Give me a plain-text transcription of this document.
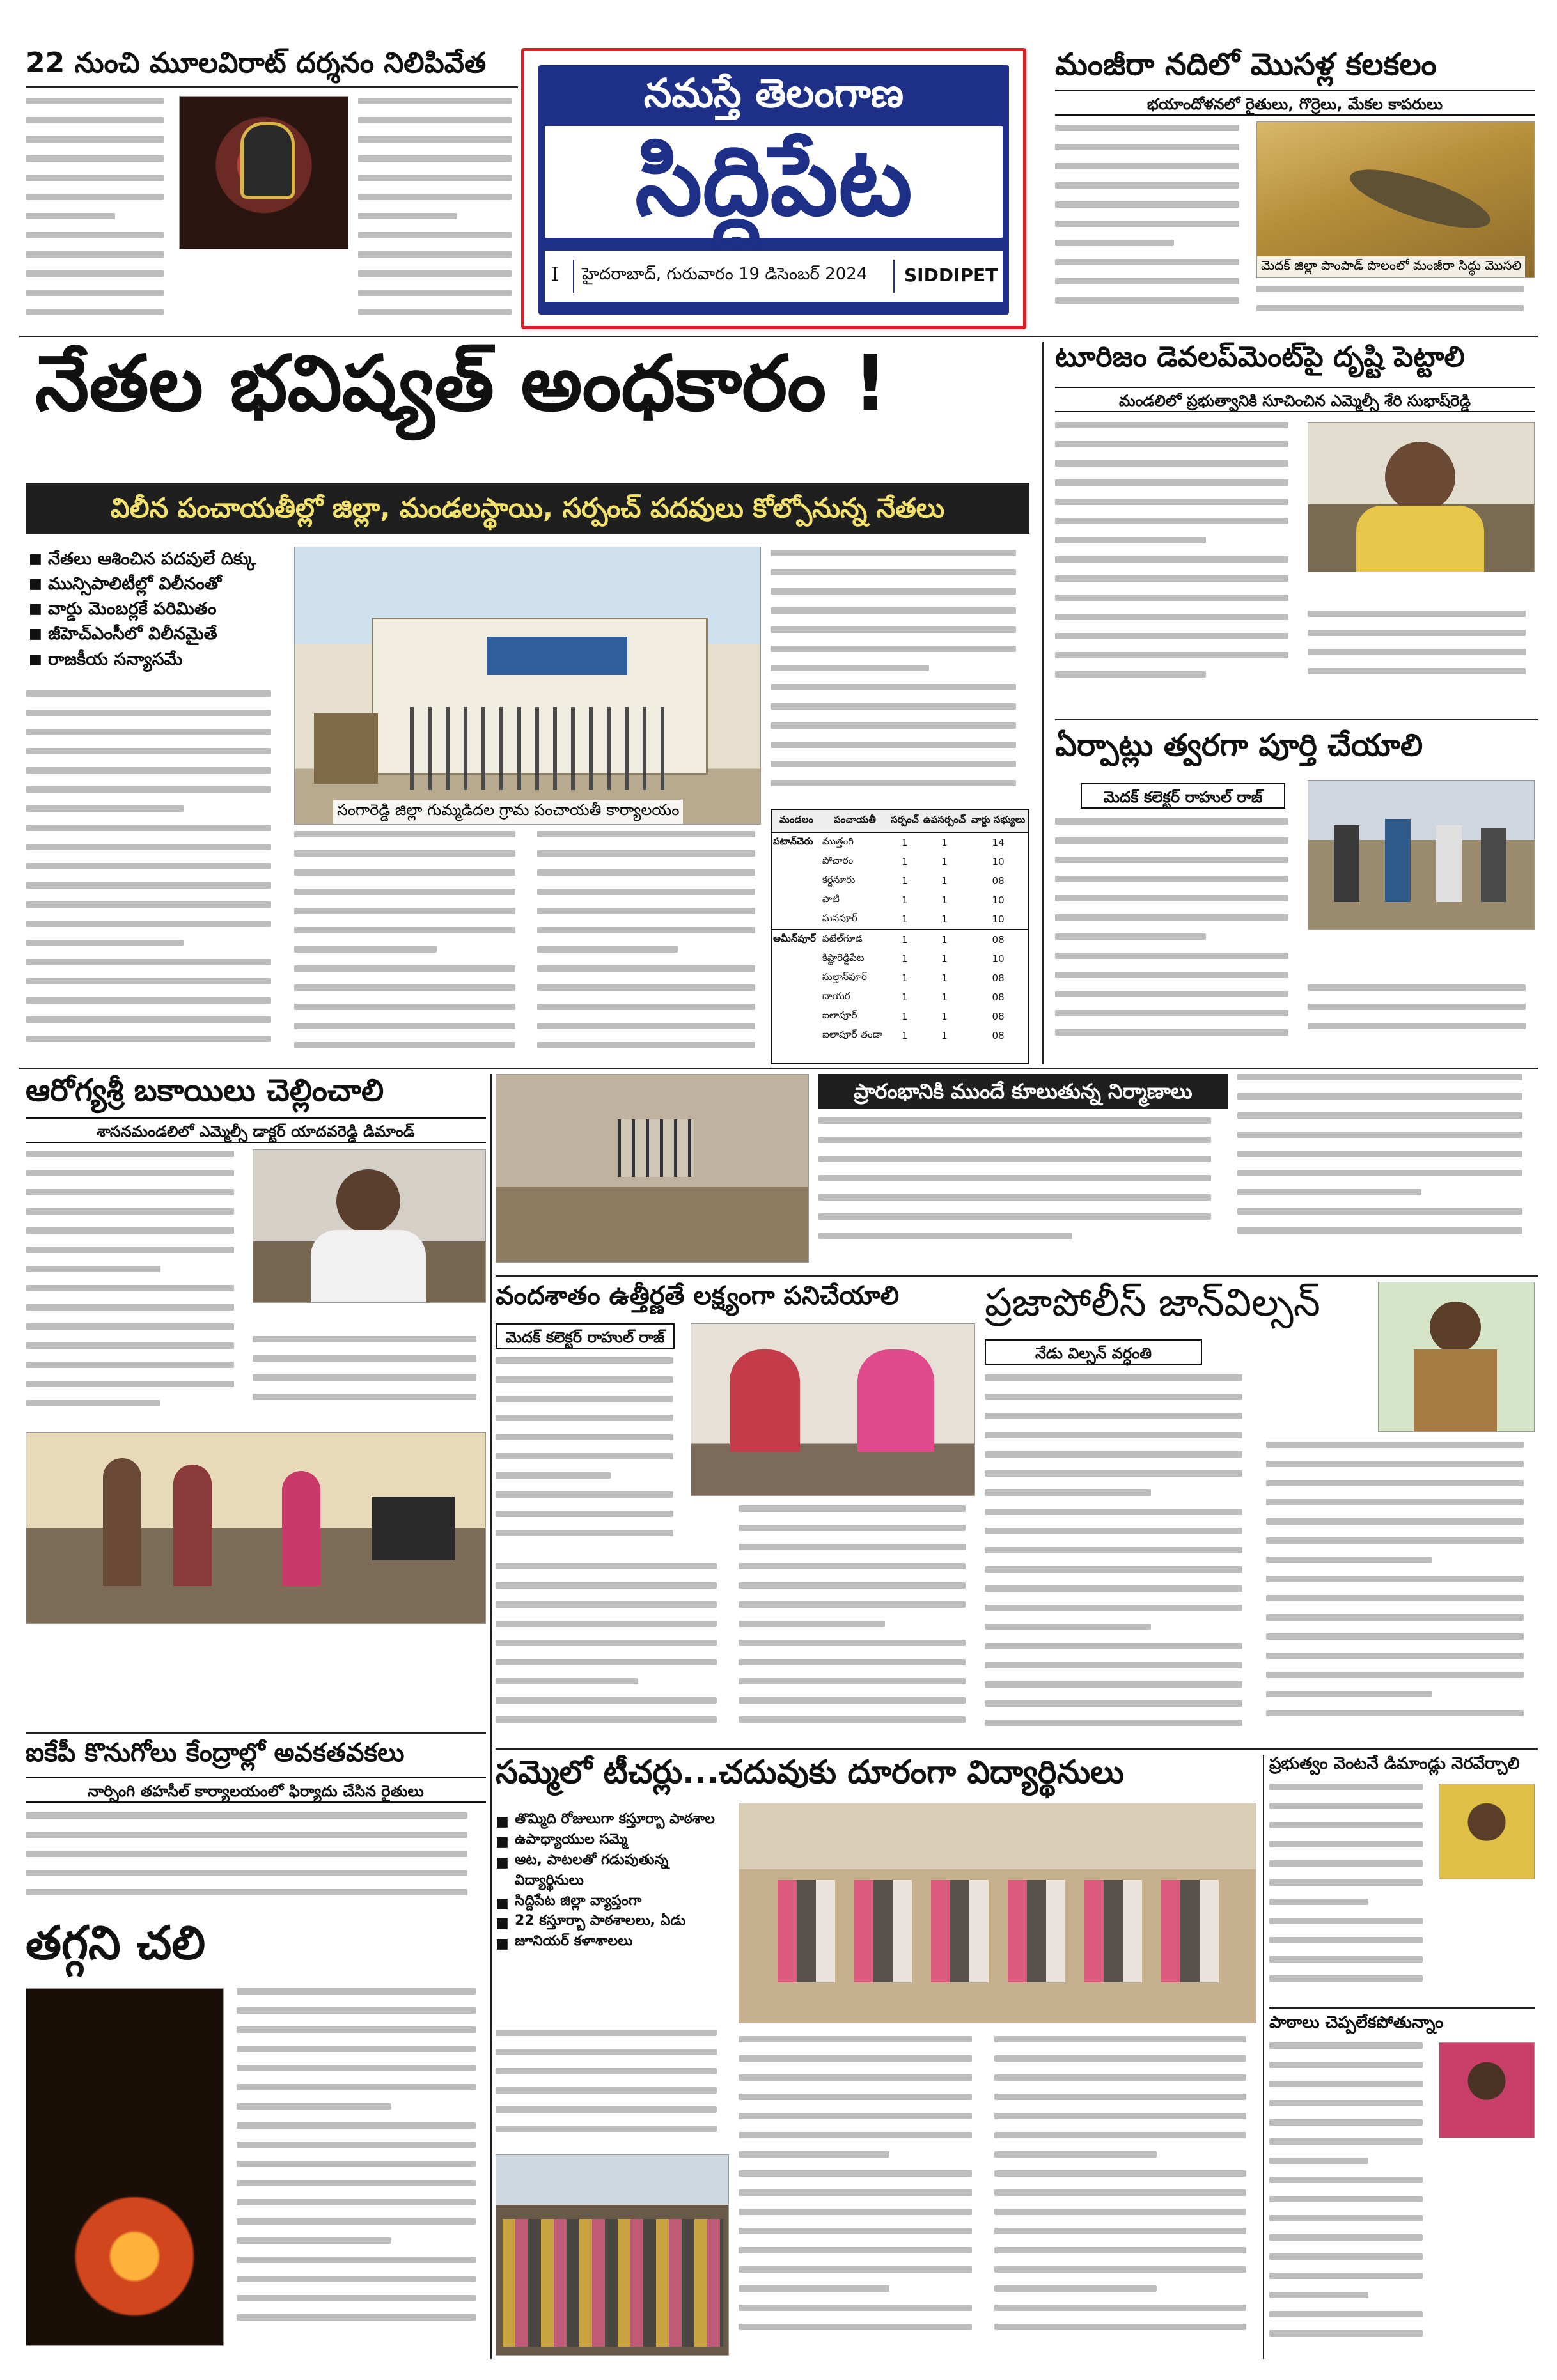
22 నుంచి మూలవిరాట్ దర్శనం నిలిపివేత
నమస్తే తెలంగాణ
సిద్దిపేట
I హైదరాబాద్, గురువారం 19 డిసెంబర్ 2024 SIDDIPET
మంజీరా నదిలో మొసళ్ల కలకలం
భయాందోళనలో రైతులు, గొర్రెలు, మేకల కాపరులు
మెదక్ జిల్లా పాంపాడ్ పొలంలో మంజీరా సిద్ధు మొసలి
నేతల భవిష్యత్ అంధకారం !
విలీన పంచాయతీల్లో జిల్లా, మండలస్థాయి, సర్పంచ్ పదవులు కోల్పోనున్న నేతలు
■ నేతలు ఆశించిన పదవులే దిక్కు
■ మున్సిపాలిటీల్లో విలీనంతో
■ వార్డు మెంబర్లకే పరిమితం
■ జీహెచ్ఎంసీలో విలీనమైతే
■ రాజకీయ సన్యాసమే
సంగారెడ్డి జిల్లా గుమ్మడిదల గ్రామ పంచాయతీ కార్యాలయం
మండలం	పంచాయతీ	సర్పంచ్	ఉపసర్పంచ్	వార్డు సభ్యులు
పటాన్‌చెరు	ముత్తంగి	1	1	14
	పోచారం	1	1	10
	కర్దనూరు	1	1	08
	పాటి	1	1	10
	ఘనపూర్	1	1	10
అమీన్‌పూర్	పటేల్‌గూడ	1	1	08
	కిష్టారెడ్డిపేట	1	1	10
	సుల్తాన్‌పూర్	1	1	08
	దాయర	1	1	08
	ఐలాపూర్	1	1	08
	ఐలాపూర్ తండా	1	1	08
టూరిజం డెవలప్‌మెంట్‌పై దృష్టి పెట్టాలి
మండలిలో ప్రభుత్వానికి సూచించిన ఎమ్మెల్సీ శేరి సుభాష్‌రెడ్డి
ఏర్పాట్లు త్వరగా పూర్తి చేయాలి
మెదక్ కలెక్టర్ రాహుల్ రాజ్
ఆరోగ్యశ్రీ బకాయిలు చెల్లించాలి
శాసనమండలిలో ఎమ్మెల్సీ డాక్టర్ యాదవరెడ్డి డిమాండ్
ఐకేపీ కొనుగోలు కేంద్రాల్లో అవకతవకలు
నార్సింగి తహసీల్ కార్యాలయంలో ఫిర్యాదు చేసిన రైతులు
తగ్గని చలి
ప్రారంభానికి ముందే కూలుతున్న నిర్మాణాలు
వందశాతం ఉత్తీర్ణతే లక్ష్యంగా పనిచేయాలి
మెదక్ కలెక్టర్ రాహుల్ రాజ్
ప్రజాపోలీస్ జాన్‌విల్సన్
నేడు విల్సన్ వర్ధంతి
సమ్మెలో టీచర్లు...చదువుకు దూరంగా విద్యార్థినులు
■ తొమ్మిది రోజులుగా కస్తూర్బా పాఠశాల
■ ఉపాధ్యాయుల సమ్మె
■ ఆట, పాటలతో గడుపుతున్న విద్యార్థినులు
■ సిద్దిపేట జిల్లా వ్యాప్తంగా
■ 22 కస్తూర్బా పాఠశాలలు, ఏడు
■ జూనియర్ కళాశాలలు
ప్రభుత్వం వెంటనే డిమాండ్లు నెరవేర్చాలి
పాఠాలు చెప్పలేకపోతున్నాం
